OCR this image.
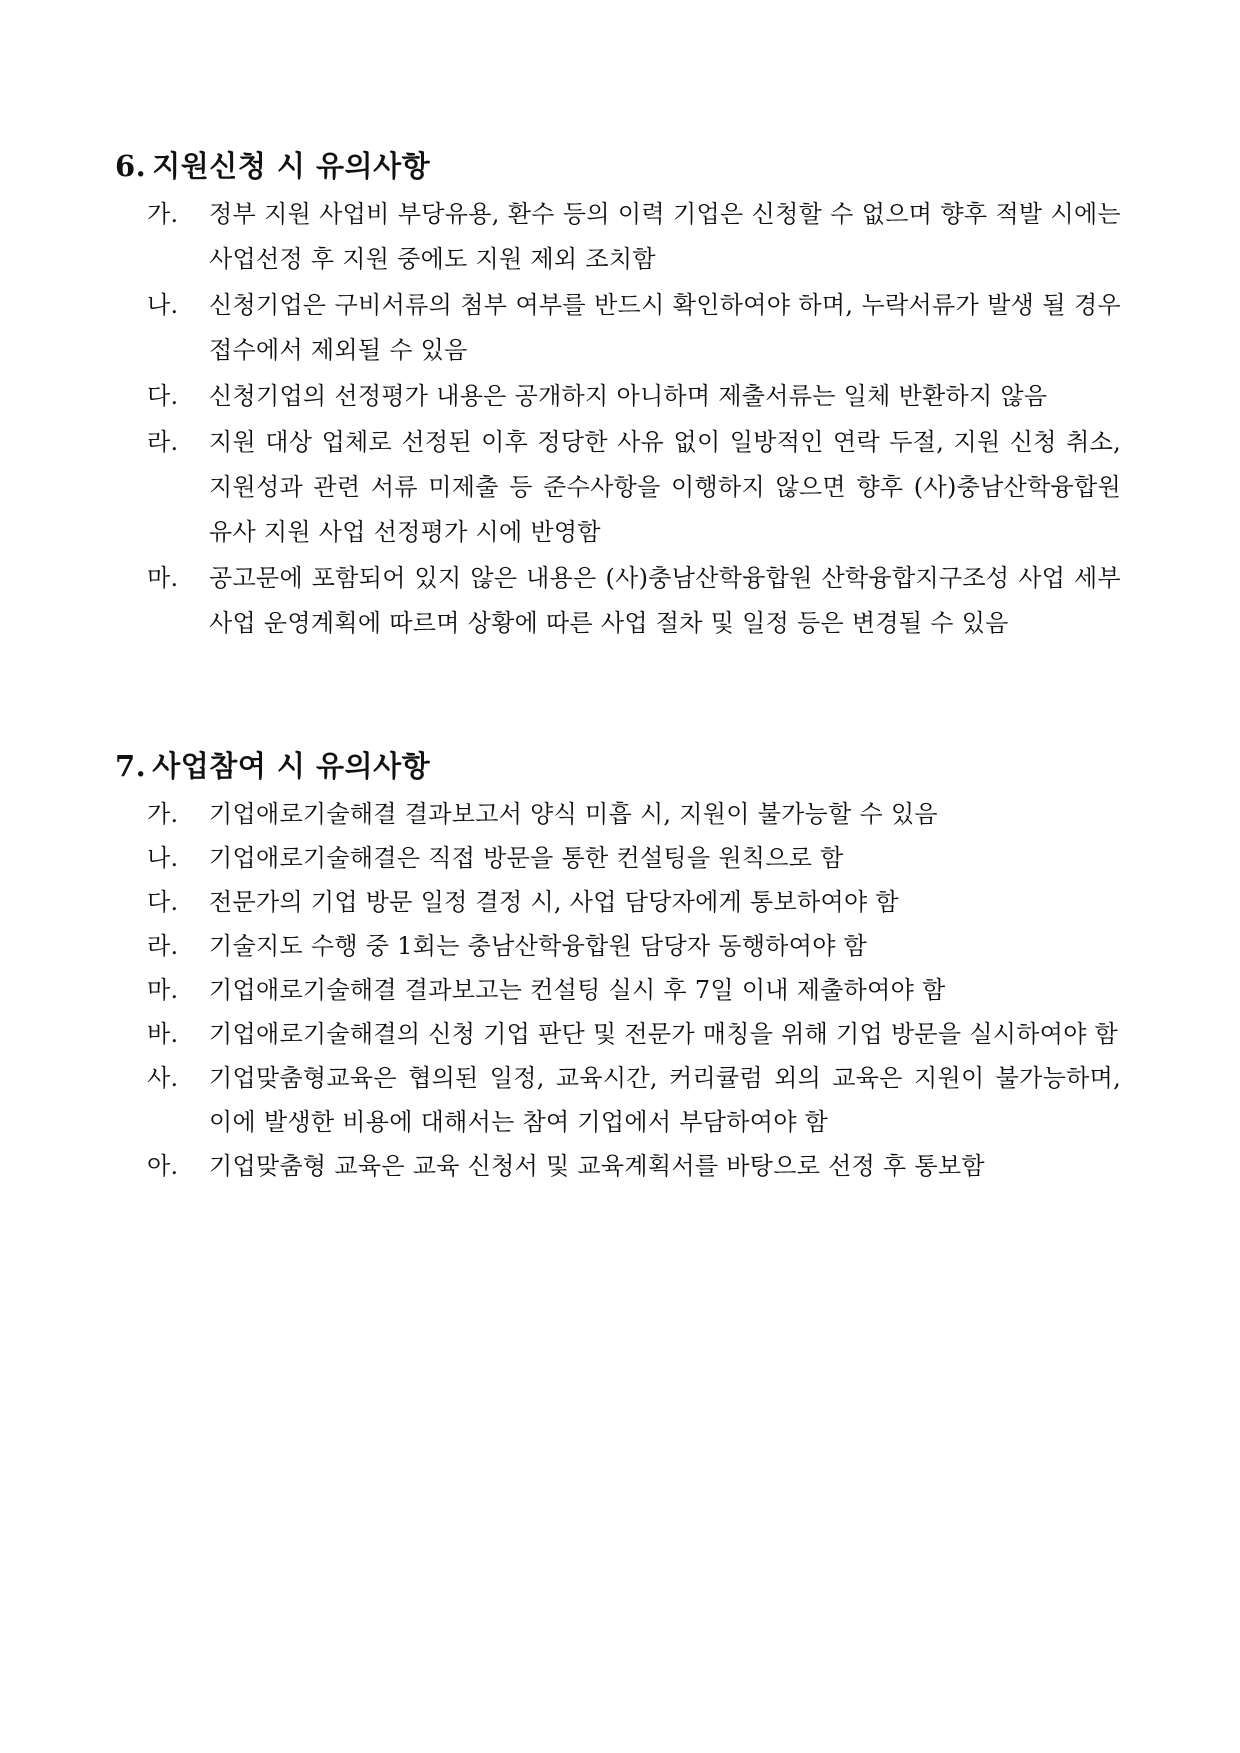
6. 지원신청 시 유의사항
가.	정부 지원 사업비 부당유용, 환수 등의 이력 기업은 신청할 수 없으며 향후 적발 시에는 사업선정 후 지원 중에도 지원 제외 조치함
나.	신청기업은 구비서류의 첨부 여부를 반드시 확인하여야 하며, 누락서류가 발생 될 경우 접수에서 제외될 수 있음
다.	신청기업의 선정평가 내용은 공개하지 아니하며 제출서류는 일체 반환하지 않음
라.	지원 대상 업체로 선정된 이후 정당한 사유 없이 일방적인 연락 두절, 지원 신청 취소, 지원성과 관련 서류 미제출 등 준수사항을 이행하지 않으면 향후 (사)충남산학융합원 유사 지원 사업 선정평가 시에 반영함
마.	공고문에 포함되어 있지 않은 내용은 (사)충남산학융합원 산학융합지구조성 사업 세부 사업 운영계획에 따르며 상황에 따른 사업 절차 및 일정 등은 변경될 수 있음
7. 사업참여 시 유의사항
가.	기업애로기술해결 결과보고서 양식 미흡 시, 지원이 불가능할 수 있음
나.	기업애로기술해결은 직접 방문을 통한 컨설팅을 원칙으로 함
다.	전문가의 기업 방문 일정 결정 시, 사업 담당자에게 통보하여야 함
라.	기술지도 수행 중 1회는 충남산학융합원 담당자 동행하여야 함
마.	기업애로기술해결 결과보고는 컨설팅 실시 후 7일 이내 제출하여야 함
바.	기업애로기술해결의 신청 기업 판단 및 전문가 매칭을 위해 기업 방문을 실시하여야 함
사.	기업맞춤형교육은 협의된 일정, 교육시간, 커리큘럼 외의 교육은 지원이 불가능하며, 이에 발생한 비용에 대해서는 참여 기업에서 부담하여야 함
아.	기업맞춤형 교육은 교육 신청서 및 교육계획서를 바탕으로 선정 후 통보함
